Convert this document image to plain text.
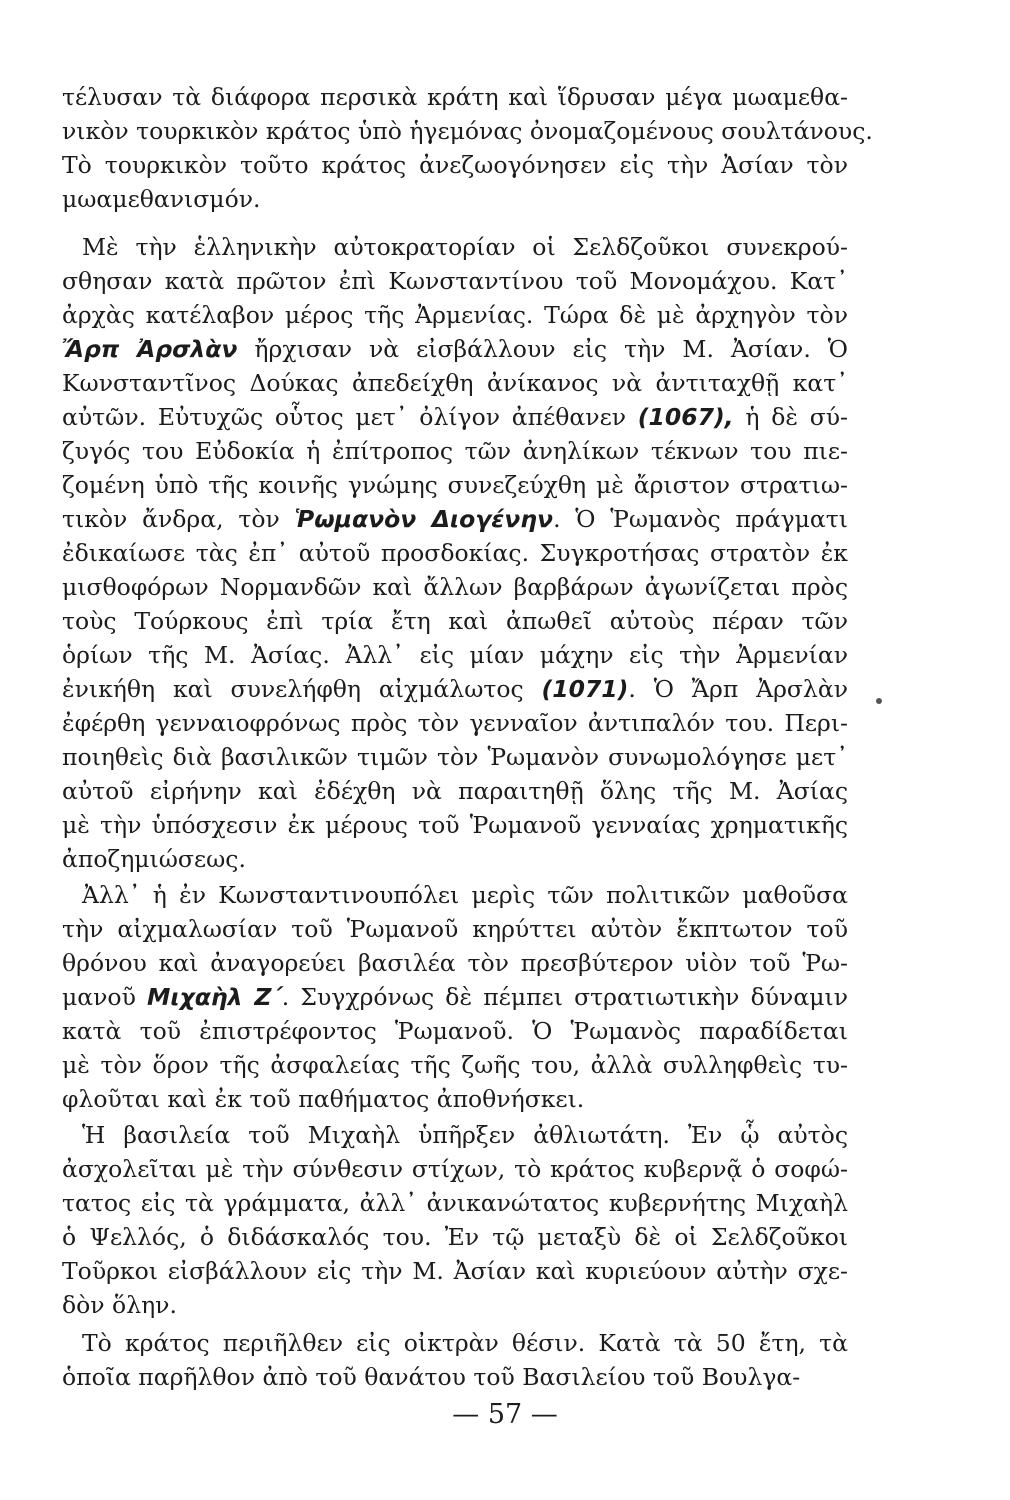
τέλυσαν τὰ διάφορα περσικὰ κράτη καὶ ἵδρυσαν μέγα μωαμεθα-
νικὸν τουρκικὸν κράτος ὑπὸ ἡγεμόνας ὀνομαζομένους σουλτάνους.
Τὸ τουρκικὸν τοῦτο κράτος ἀνεζωογόνησεν εἰς τὴν Ἀσίαν τὸν
μωαμεθανισμόν.
Μὲ τὴν ἑλληνικὴν αὐτοκρατορίαν οἱ Σελδζοῦκοι συνεκρού-
σθησαν κατὰ πρῶτον ἐπὶ Κωνσταντίνου τοῦ Μονομάχου. Κατ᾽
ἀρχὰς κατέλαβον μέρος τῆς Ἀρμενίας. Τώρα δὲ μὲ ἀρχηγὸν τὸν
Ἄρπ Ἀρσλὰν ἤρχισαν νὰ εἰσβάλλουν εἰς τὴν Μ. Ἀσίαν. Ὁ
Κωνσταντῖνος Δούκας ἀπεδείχθη ἀνίκανος νὰ ἀντιταχθῇ κατ᾽
αὐτῶν. Εὐτυχῶς οὗτος μετ᾽ ὀλίγον ἀπέθανεν (1067), ἡ δὲ σύ-
ζυγός του Εὐδοκία ἡ ἐπίτροπος τῶν ἀνηλίκων τέκνων του πιε-
ζομένη ὑπὸ τῆς κοινῆς γνώμης συνεζεύχθη μὲ ἄριστον στρατιω-
τικὸν ἄνδρα, τὸν Ῥωμανὸν Διογένην. Ὁ Ῥωμανὸς πράγματι
ἐδικαίωσε τὰς ἐπ᾽ αὐτοῦ προσδοκίας. Συγκροτήσας στρατὸν ἐκ
μισθοφόρων Νορμανδῶν καὶ ἄλλων βαρβάρων ἀγωνίζεται πρὸς
τοὺς Τούρκους ἐπὶ τρία ἔτη καὶ ἀπωθεῖ αὐτοὺς πέραν τῶν
ὁρίων τῆς Μ. Ἀσίας. Ἀλλ᾽ εἰς μίαν μάχην εἰς τὴν Ἀρμενίαν
ἐνικήθη καὶ συνελήφθη αἰχμάλωτος (1071). Ὁ Ἄρπ Ἀρσλὰν
ἐφέρθη γενναιοφρόνως πρὸς τὸν γενναῖον ἀντιπαλόν του. Περι-
ποιηθεὶς διὰ βασιλικῶν τιμῶν τὸν Ῥωμανὸν συνωμολόγησε μετ᾽
αὐτοῦ εἰρήνην καὶ ἐδέχθη νὰ παραιτηθῇ ὅλης τῆς Μ. Ἀσίας
μὲ τὴν ὑπόσχεσιν ἐκ μέρους τοῦ Ῥωμανοῦ γενναίας χρηματικῆς
ἀποζημιώσεως.
Ἀλλ᾽ ἡ ἐν Κωνσταντινουπόλει μερὶς τῶν πολιτικῶν μαθοῦσα
τὴν αἰχμαλωσίαν τοῦ Ῥωμανοῦ κηρύττει αὐτὸν ἔκπτωτον τοῦ
θρόνου καὶ ἀναγορεύει βασιλέα τὸν πρεσβύτερον υἱὸν τοῦ Ῥω-
μανοῦ Μιχαὴλ Ζ΄. Συγχρόνως δὲ πέμπει στρατιωτικὴν δύναμιν
κατὰ τοῦ ἐπιστρέφοντος Ῥωμανοῦ. Ὁ Ῥωμανὸς παραδίδεται
μὲ τὸν ὅρον τῆς ἀσφαλείας τῆς ζωῆς του, ἀλλὰ συλληφθεὶς τυ-
φλοῦται καὶ ἐκ τοῦ παθήματος ἀποθνήσκει.
Ἡ βασιλεία τοῦ Μιχαὴλ ὑπῆρξεν ἀθλιωτάτη. Ἐν ᾧ αὐτὸς
ἀσχολεῖται μὲ τὴν σύνθεσιν στίχων, τὸ κράτος κυβερνᾷ ὁ σοφώ-
τατος εἰς τὰ γράμματα, ἀλλ᾽ ἀνικανώτατος κυβερνήτης Μιχαὴλ
ὁ Ψελλός, ὁ διδάσκαλός του. Ἐν τῷ μεταξὺ δὲ οἱ Σελδζοῦκοι
Τοῦρκοι εἰσβάλλουν εἰς τὴν Μ. Ἀσίαν καὶ κυριεύουν αὐτὴν σχε-
δὸν ὅλην.
Τὸ κράτος περιῆλθεν εἰς οἰκτρὰν θέσιν. Κατὰ τὰ 50 ἔτη, τὰ
ὁποῖα παρῆλθον ἀπὸ τοῦ θανάτου τοῦ Βασιλείου τοῦ Βουλγα-
— 57 —
